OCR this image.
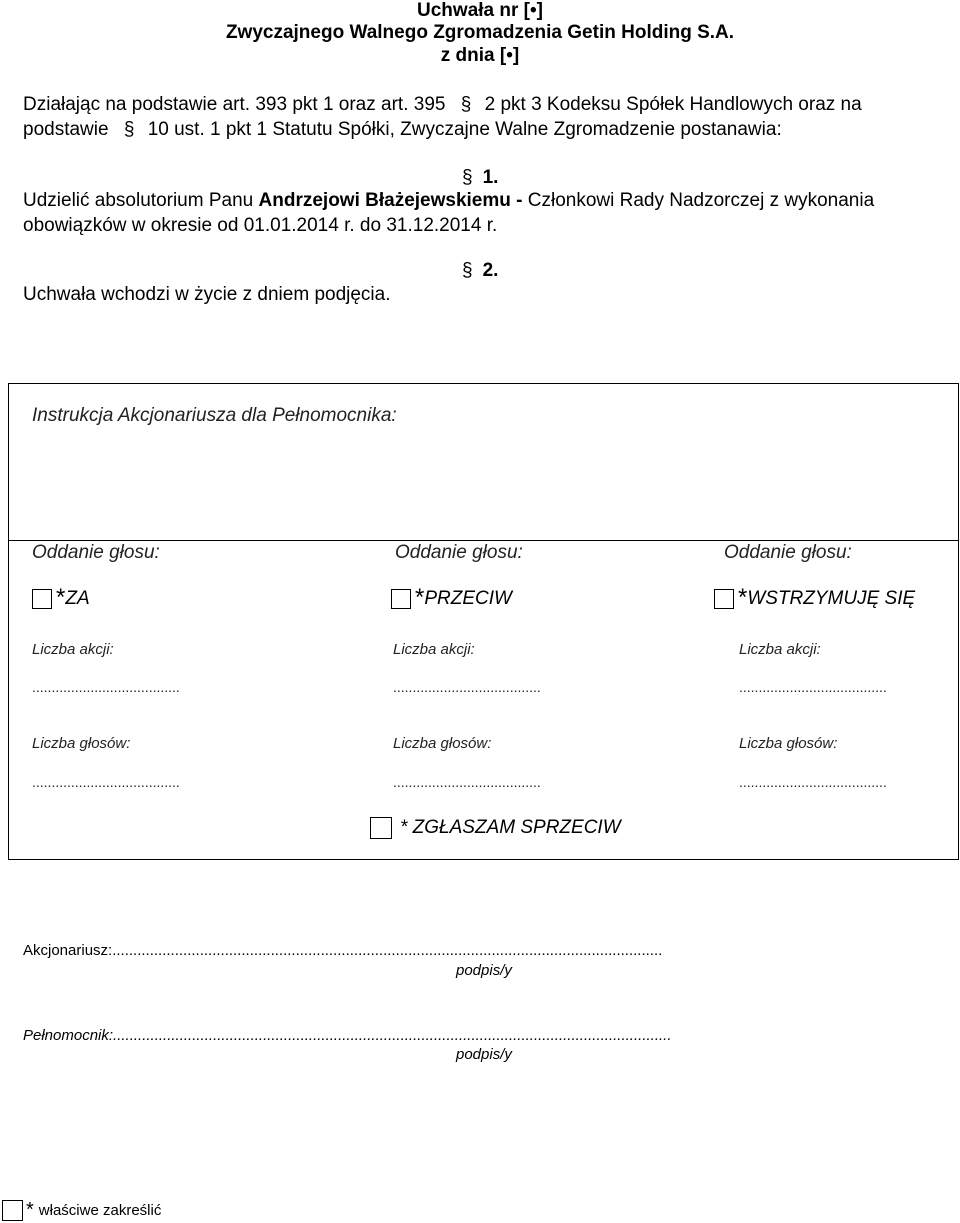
Uchwała nr [•]
Zwyczajnego Walnego Zgromadzenia Getin Holding S.A.
z dnia [•]
Działając na podstawie art. 393 pkt 1 oraz art. 395 § 2 pkt 3 Kodeksu Spółek Handlowych oraz na
podstawie § 10 ust. 1 pkt 1 Statutu Spółki, Zwyczajne Walne Zgromadzenie postanawia:
§ 1.
Udzielić absolutorium Panu Andrzejowi Błażejewskiemu - Członkowi Rady Nadzorczej z wykonania
obowiązków w okresie od 01.01.2014 r. do 31.12.2014 r.
§ 2.
Uchwała wchodzi w życie z dniem podjęcia.
Instrukcja Akcjonariusza dla Pełnomocnika:
Oddanie głosu:
*ZA
Liczba akcji:
......................................
Liczba głosów:
......................................
Oddanie głosu:
*PRZECIW
Liczba akcji:
......................................
Liczba głosów:
......................................
Oddanie głosu:
*WSTRZYMUJĘ SIĘ
Liczba akcji:
......................................
Liczba głosów:
......................................
* ZGŁASZAM SPRZECIW
Akcjonariusz:....................................................................................................................................
podpis/y
Pełnomocnik:......................................................................................................................................
podpis/y
* właściwe zakreślić
